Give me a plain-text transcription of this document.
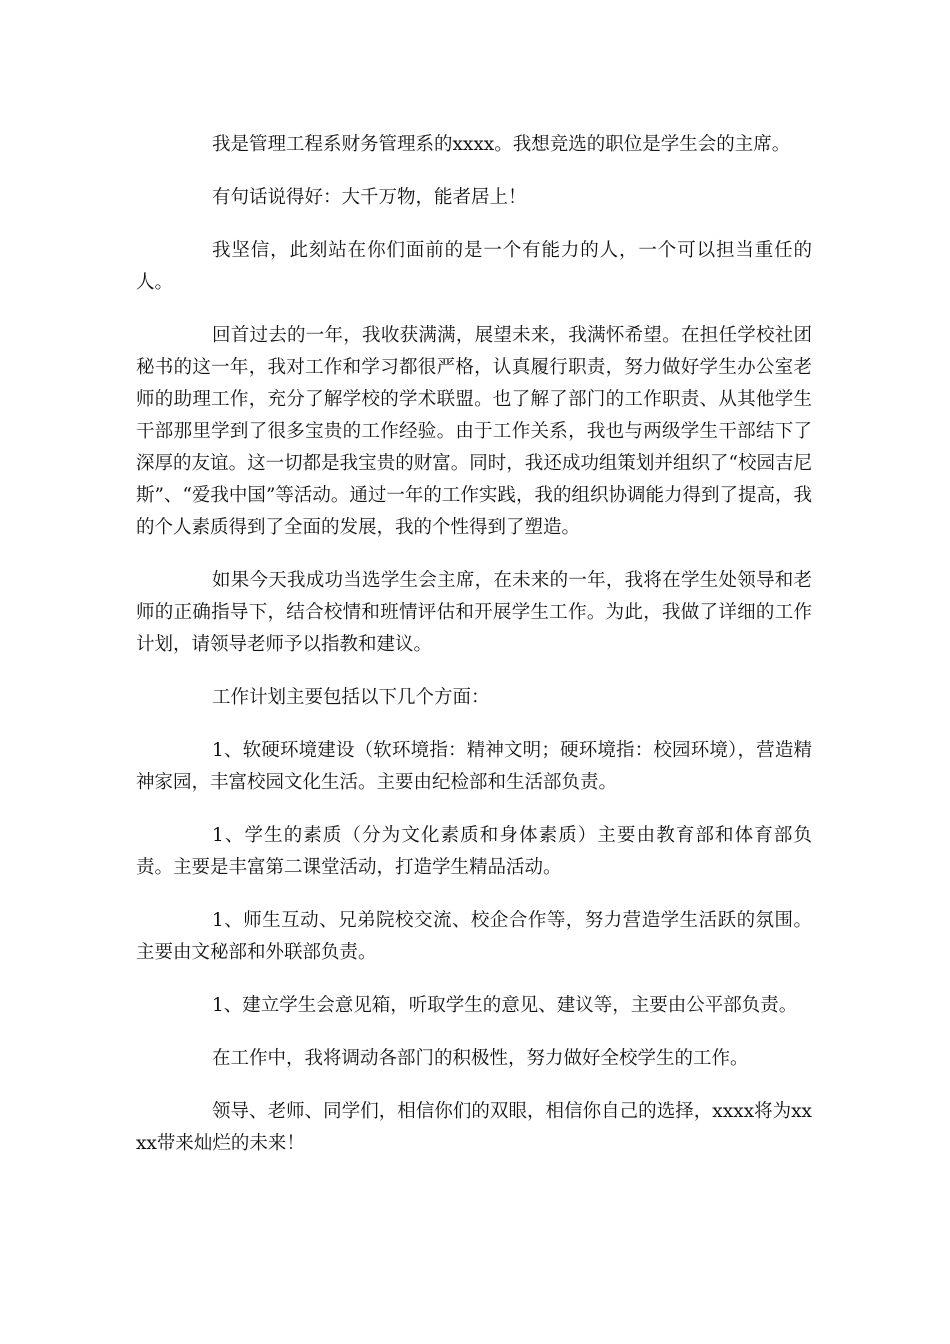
我是管理工程系财务管理系的xxxx。我想竞选的职位是学生会的主席。

有句话说得好：大千万物，能者居上！

我坚信，此刻站在你们面前的是一个有能力的人，一个可以担当重任的人。

回首过去的一年，我收获满满，展望未来，我满怀希望。在担任学校社团秘书的这一年，我对工作和学习都很严格，认真履行职责，努力做好学生办公室老师的助理工作，充分了解学校的学术联盟。也了解了部门的工作职责、从其他学生干部那里学到了很多宝贵的工作经验。由于工作关系，我也与两级学生干部结下了深厚的友谊。这一切都是我宝贵的财富。同时，我还成功组策划并组织了“校园吉尼斯”、“爱我中国”等活动。通过一年的工作实践，我的组织协调能力得到了提高，我的个人素质得到了全面的发展，我的个性得到了塑造。

如果今天我成功当选学生会主席，在未来的一年，我将在学生处领导和老师的正确指导下，结合校情和班情评估和开展学生工作。为此，我做了详细的工作计划，请领导老师予以指教和建议。

工作计划主要包括以下几个方面：

1、软硬环境建设（软环境指：精神文明；硬环境指：校园环境），营造精神家园，丰富校园文化生活。主要由纪检部和生活部负责。

1、学生的素质（分为文化素质和身体素质）主要由教育部和体育部负责。主要是丰富第二课堂活动，打造学生精品活动。

1、师生互动、兄弟院校交流、校企合作等，努力营造学生活跃的氛围。主要由文秘部和外联部负责。

1、建立学生会意见箱，听取学生的意见、建议等，主要由公平部负责。

在工作中，我将调动各部门的积极性，努力做好全校学生的工作。

领导、老师、同学们，相信你们的双眼，相信你自己的选择，xxxx将为xxxx带来灿烂的未来！
